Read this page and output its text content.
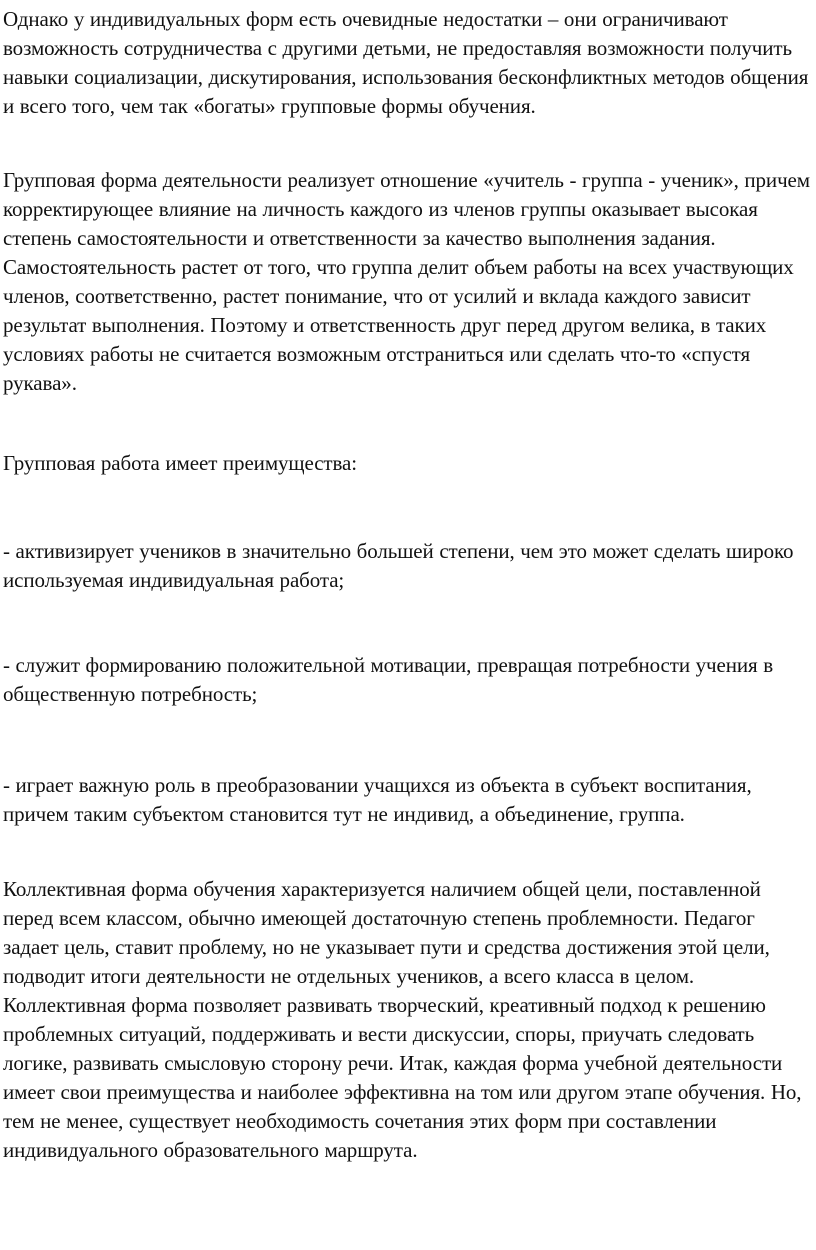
Однако у индивидуальных форм есть очевидные недостатки – они ограничивают возможность сотрудничества с другими детьми, не предоставляя возможности получить навыки социализации, дискутирования, использования бесконфликтных методов общения и всего того, чем так «богаты» групповые формы обучения.

Групповая форма деятельности реализует отношение «учитель - группа - ученик», причем корректирующее влияние на личность каждого из членов группы оказывает высокая степень самостоятельности и ответственности за качество выполнения задания. Самостоятельность растет от того, что группа делит объем работы на всех участвующих членов, соответственно, растет понимание, что от усилий и вклада каждого зависит результат выполнения. Поэтому и ответственность друг перед другом велика, в таких условиях работы не считается возможным отстраниться или сделать что-то «спустя рукава».

Групповая работа имеет преимущества:

- активизирует учеников в значительно большей степени, чем это может сделать широко используемая индивидуальная работа;

- служит формированию положительной мотивации, превращая потребности учения в общественную потребность;

- играет важную роль в преобразовании учащихся из объекта в субъект воспитания, причем таким субъектом становится тут не индивид, а объединение, группа.

Коллективная форма обучения характеризуется наличием общей цели, поставленной перед всем классом, обычно имеющей достаточную степень проблемности. Педагог задает цель, ставит проблему, но не указывает пути и средства достижения этой цели, подводит итоги деятельности не отдельных учеников, а всего класса в целом. Коллективная форма позволяет развивать творческий, креативный подход к решению проблемных ситуаций, поддерживать и вести дискуссии, споры, приучать следовать логике, развивать смысловую сторону речи. Итак, каждая форма учебной деятельности имеет свои преимущества и наиболее эффективна на том или другом этапе обучения. Но, тем не менее, существует необходимость сочетания этих форм при составлении индивидуального образовательного маршрута.
